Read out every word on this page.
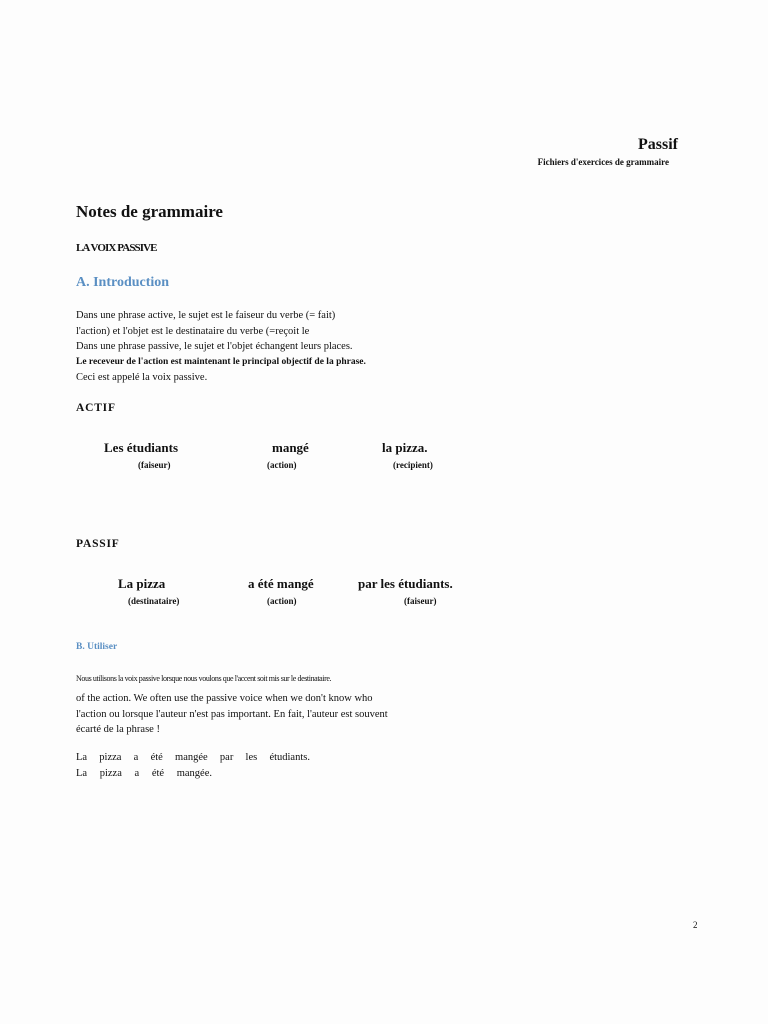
Passif
Fichiers d'exercices de grammaire
Notes de grammaire
LA VOIX PASSIVE
A. Introduction
Dans une phrase active, le sujet est le faiseur du verbe (= fait)
l'action) et l'objet est le destinataire du verbe (=reçoit le
Dans une phrase passive, le sujet et l'objet échangent leurs places.
Le receveur de l'action est maintenant le principal objectif de la phrase.
Ceci est appelé la voix passive.
ACTIF
Les étudiants	mangé	la pizza.
(faiseur)	(action)	(recipient)
PASSIF
La pizza	a été mangé	par les étudiants.
(destinataire)	(action)	(faiseur)
B. Utiliser
Nous utilisons la voix passive lorsque nous voulons que l'accent soit mis sur le destinataire.
of the action. We often use the passive voice when we don't know who
l'action ou lorsque l'auteur n'est pas important. En fait, l'auteur est souvent
écarté de la phrase !
La pizza a été mangée par les étudiants.
La pizza a été mangée.
2
